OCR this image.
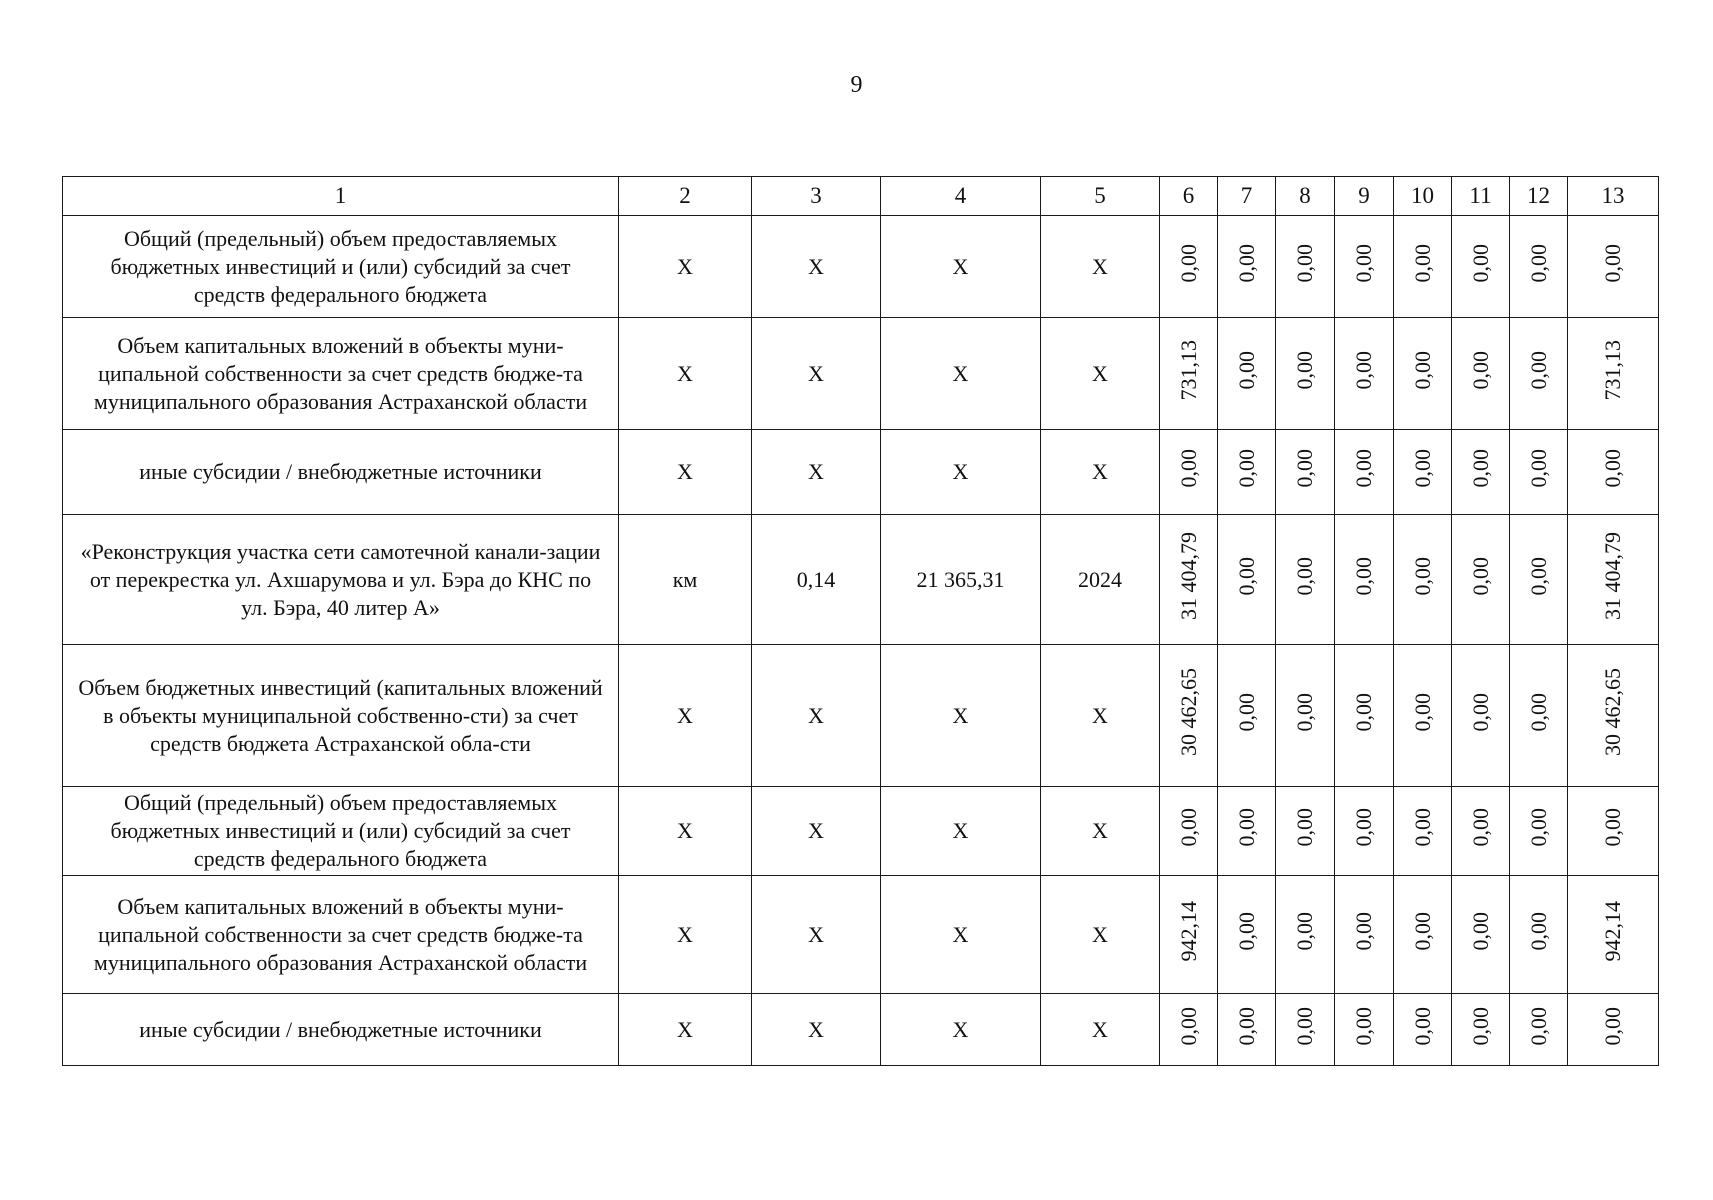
9
1	2	3	4	5	6	7	8	9	10	11	12	13
Общий (предельный) объем предоставляемых бюджетных инвестиций и (или) субсидий за счет средств федерального бюджета	X	X	X	X	0,00	0,00	0,00	0,00	0,00	0,00	0,00	0,00
Объем капитальных вложений в объекты муни-ципальной собственности за счет средств бюдже-та муниципального образования Астраханской области	X	X	X	X	731,13	0,00	0,00	0,00	0,00	0,00	0,00	731,13
иные субсидии / внебюджетные источники	X	X	X	X	0,00	0,00	0,00	0,00	0,00	0,00	0,00	0,00
«Реконструкция участка сети самотечной канали-зации от перекрестка ул. Ахшарумова и ул. Бэра до КНС по ул. Бэра, 40 литер А»	км	0,14	21 365,31	2024	31 404,79	0,00	0,00	0,00	0,00	0,00	0,00	31 404,79
Объем бюджетных инвестиций (капитальных вложений в объекты муниципальной собственно-сти) за счет средств бюджета Астраханской обла-сти	X	X	X	X	30 462,65	0,00	0,00	0,00	0,00	0,00	0,00	30 462,65
Общий (предельный) объем предоставляемых бюджетных инвестиций и (или) субсидий за счет средств федерального бюджета	X	X	X	X	0,00	0,00	0,00	0,00	0,00	0,00	0,00	0,00
Объем капитальных вложений в объекты муни-ципальной собственности за счет средств бюдже-та муниципального образования Астраханской области	X	X	X	X	942,14	0,00	0,00	0,00	0,00	0,00	0,00	942,14
иные субсидии / внебюджетные источники	X	X	X	X	0,00	0,00	0,00	0,00	0,00	0,00	0,00	0,00
